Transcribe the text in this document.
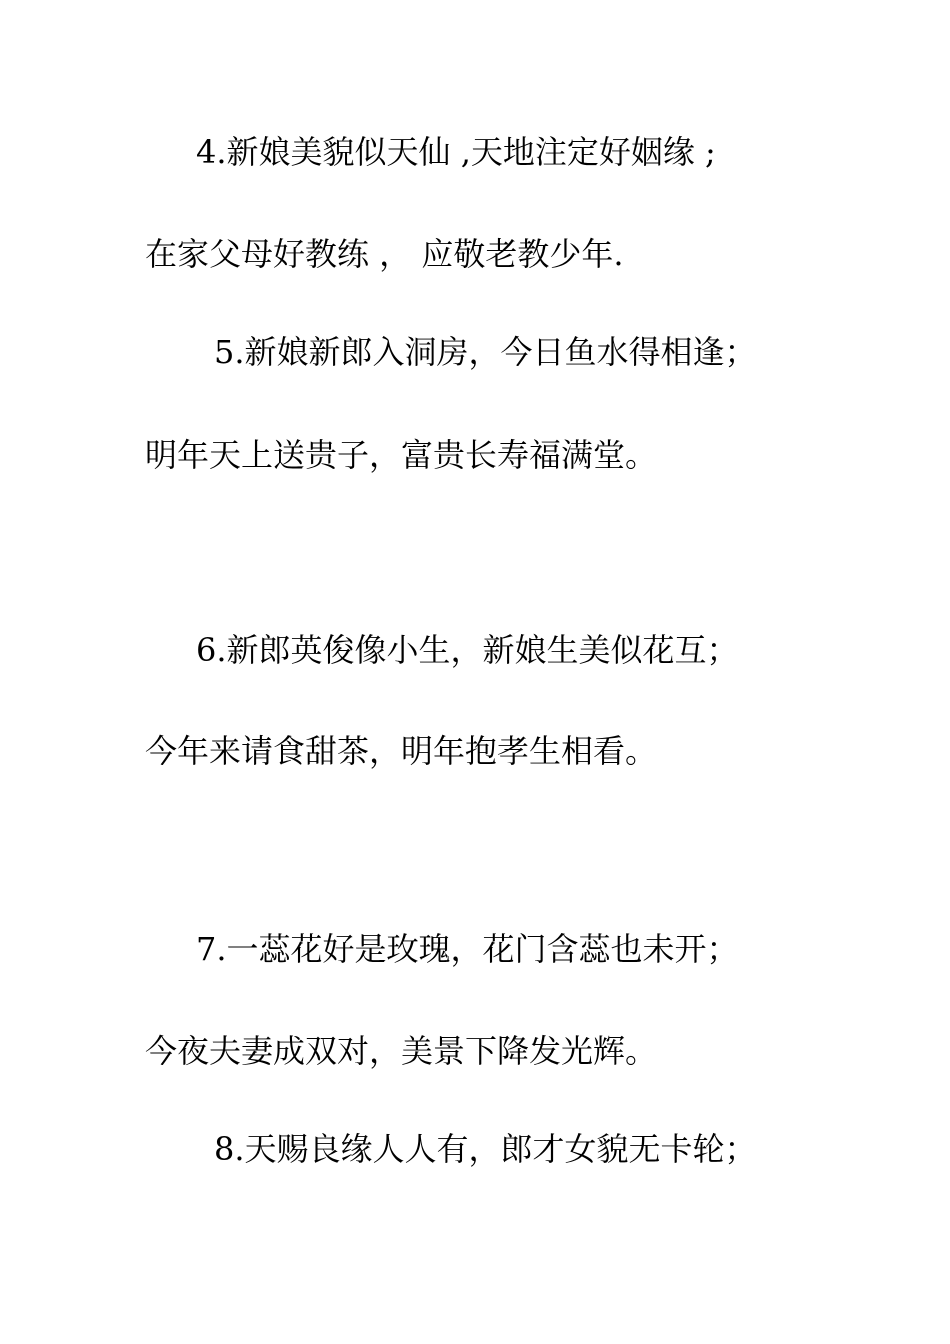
4.新娘美貌似天仙 ,天地注定好姻缘 ;
在家父母好教练 ， 应敬老教少年.
5.新娘新郎入洞房，今日鱼水得相逢；
明年天上送贵子，富贵长寿福满堂。
6.新郎英俊像小生，新娘生美似花互；
今年来请食甜茶，明年抱孝生相看。
7.一蕊花好是玫瑰，花门含蕊也未开；
今夜夫妻成双对，美景下降发光辉。
8.天赐良缘人人有，郎才女貌无卡轮；
